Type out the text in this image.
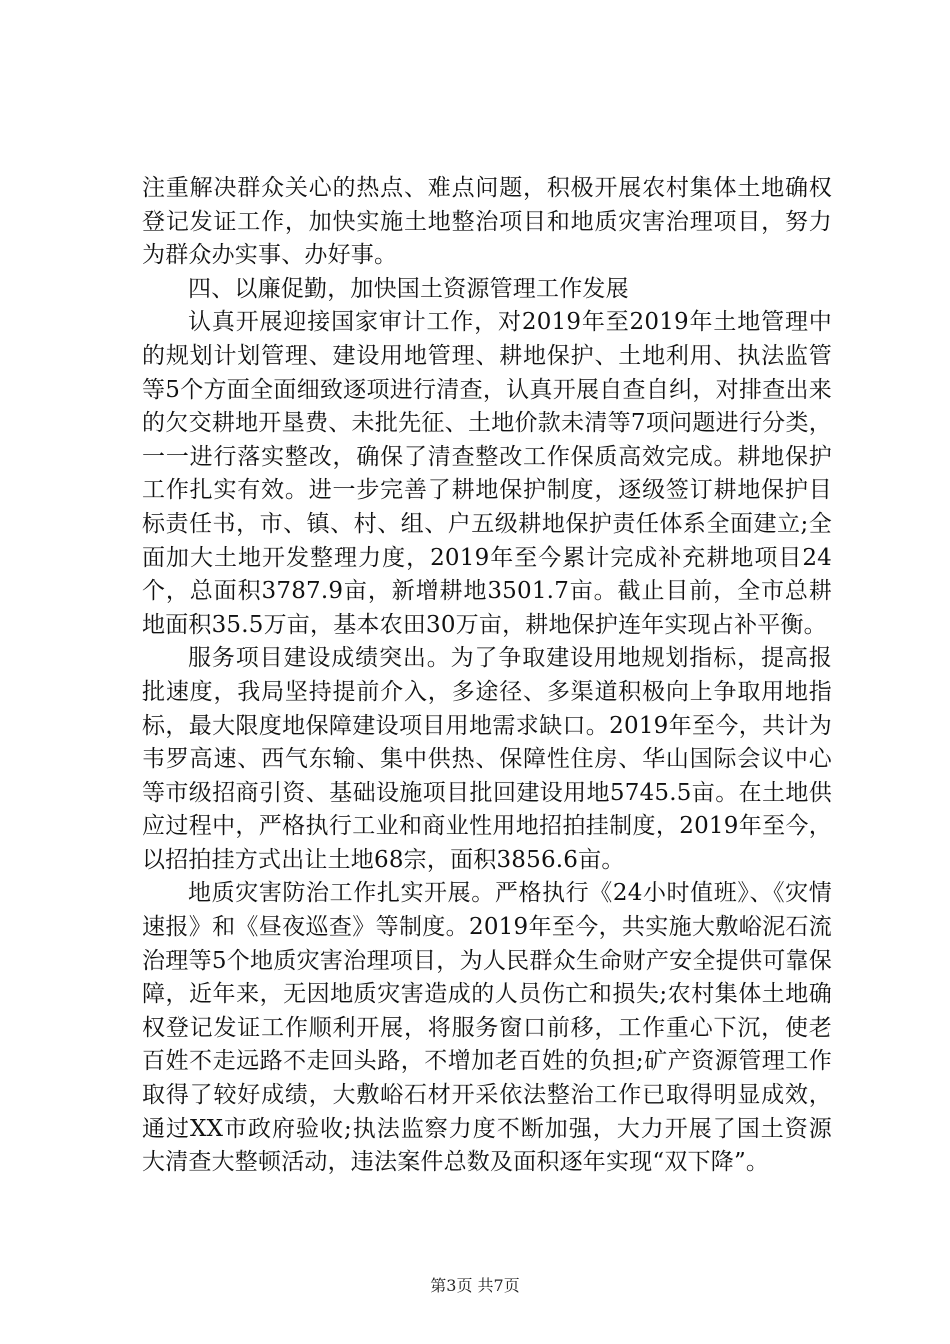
注重解决群众关心的热点、难点问题，积极开展农村集体土地确权登记发证工作，加快实施土地整治项目和地质灾害治理项目，努力为群众办实事、办好事。

四、以廉促勤，加快国土资源管理工作发展

认真开展迎接国家审计工作，对2019年至2019年土地管理中的规划计划管理、建设用地管理、耕地保护、土地利用、执法监管等5个方面全面细致逐项进行清查，认真开展自查自纠，对排查出来的欠交耕地开垦费、未批先征、土地价款未清等7项问题进行分类，一一进行落实整改，确保了清查整改工作保质高效完成。耕地保护工作扎实有效。进一步完善了耕地保护制度，逐级签订耕地保护目标责任书，市、镇、村、组、户五级耕地保护责任体系全面建立;全面加大土地开发整理力度，2019年至今累计完成补充耕地项目24个，总面积3787.9亩，新增耕地3501.7亩。截止目前，全市总耕地面积35.5万亩，基本农田30万亩，耕地保护连年实现占补平衡。

服务项目建设成绩突出。为了争取建设用地规划指标，提高报批速度，我局坚持提前介入，多途径、多渠道积极向上争取用地指标，最大限度地保障建设项目用地需求缺口。2019年至今，共计为韦罗高速、西气东输、集中供热、保障性住房、华山国际会议中心等市级招商引资、基础设施项目批回建设用地5745.5亩。在土地供应过程中，严格执行工业和商业性用地招拍挂制度，2019年至今，以招拍挂方式出让土地68宗，面积3856.6亩。

地质灾害防治工作扎实开展。严格执行《24小时值班》、《灾情速报》和《昼夜巡查》等制度。2019年至今，共实施大敷峪泥石流治理等5个地质灾害治理项目，为人民群众生命财产安全提供可靠保障，近年来，无因地质灾害造成的人员伤亡和损失;农村集体土地确权登记发证工作顺利开展，将服务窗口前移，工作重心下沉，使老百姓不走远路不走回头路，不增加老百姓的负担;矿产资源管理工作取得了较好成绩，大敷峪石材开采依法整治工作已取得明显成效，通过XX市政府验收;执法监察力度不断加强，大力开展了国土资源大清查大整顿活动，违法案件总数及面积逐年实现“双下降”。

第3页 共7页
